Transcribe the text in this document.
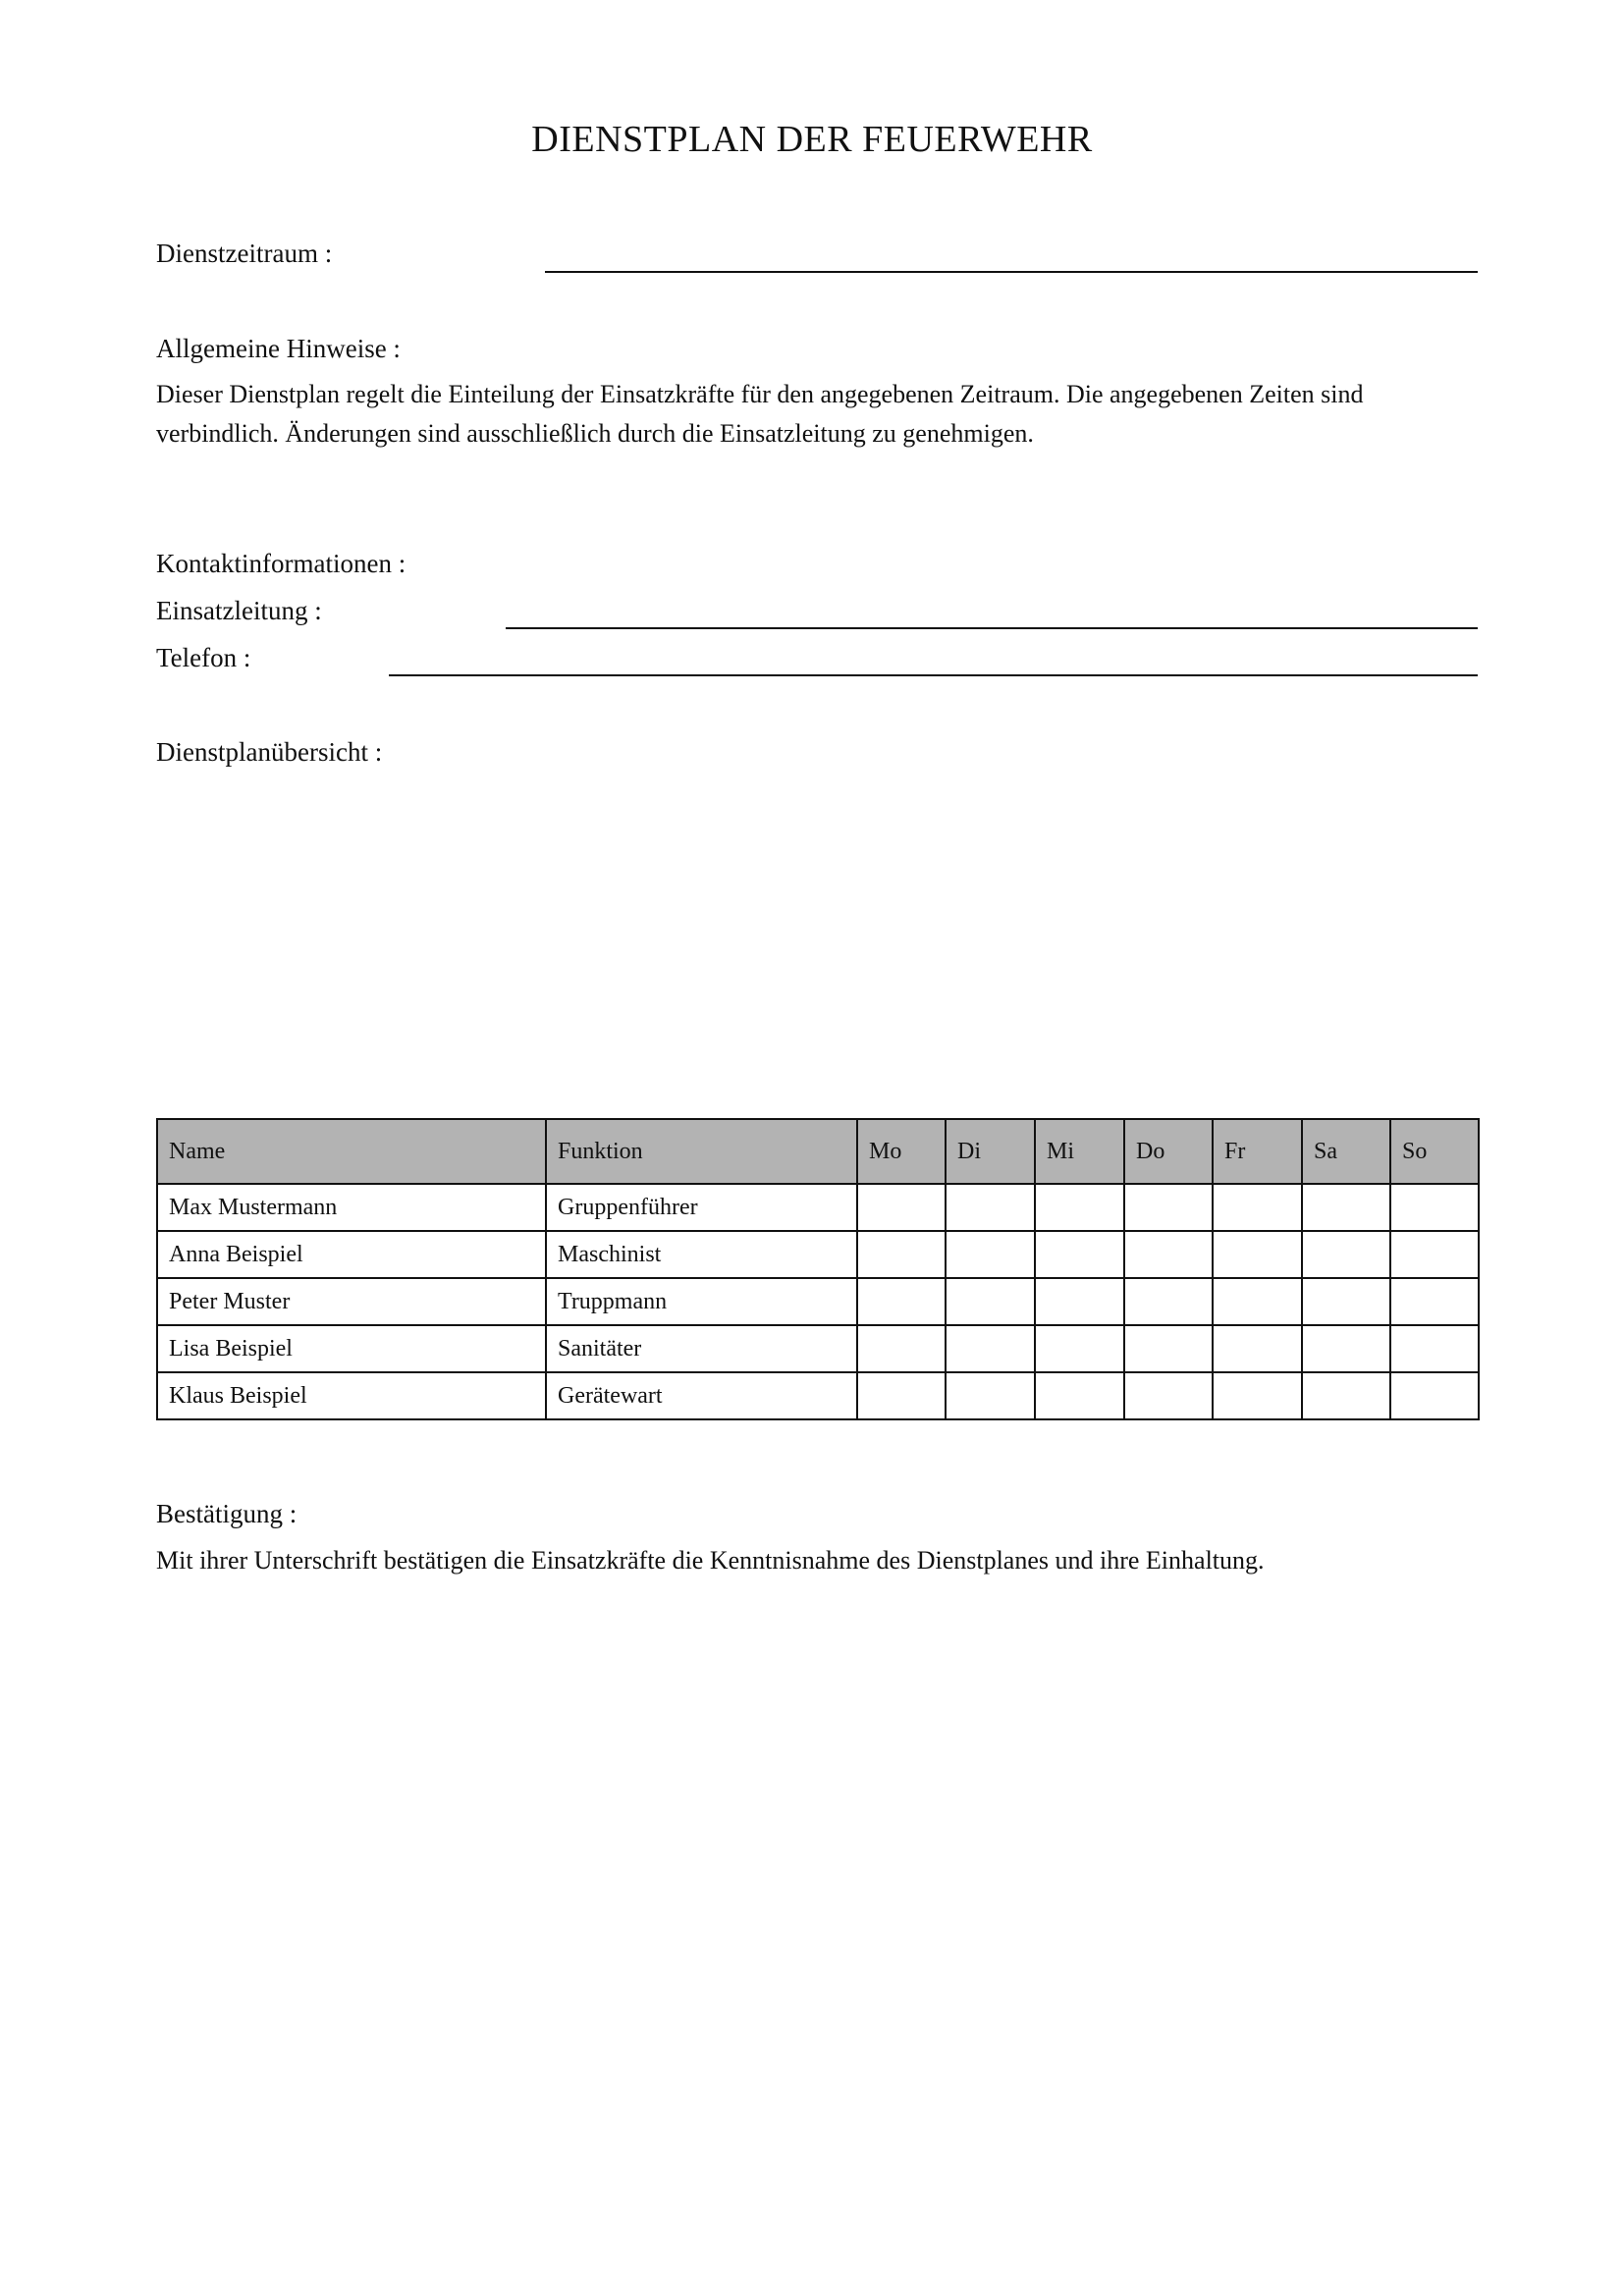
DIENSTPLAN DER FEUERWEHR
Dienstzeitraum :
Allgemeine Hinweise :
Dieser Dienstplan regelt die Einteilung der Einsatzkräfte für den angegebenen Zeitraum. Die angegebenen Zeiten sind verbindlich. Änderungen sind ausschließlich durch die Einsatzleitung zu genehmigen.
Kontaktinformationen :
Einsatzleitung :
Telefon :
Dienstplanübersicht :
Name	Funktion	Mo	Di	Mi	Do	Fr	Sa	So
Max Mustermann	Gruppenführer							
Anna Beispiel	Maschinist							
Peter Muster	Truppmann							
Lisa Beispiel	Sanitäter							
Klaus Beispiel	Gerätewart							
Bestätigung :
Mit ihrer Unterschrift bestätigen die Einsatzkräfte die Kenntnisnahme des Dienstplanes und ihre Einhaltung.
